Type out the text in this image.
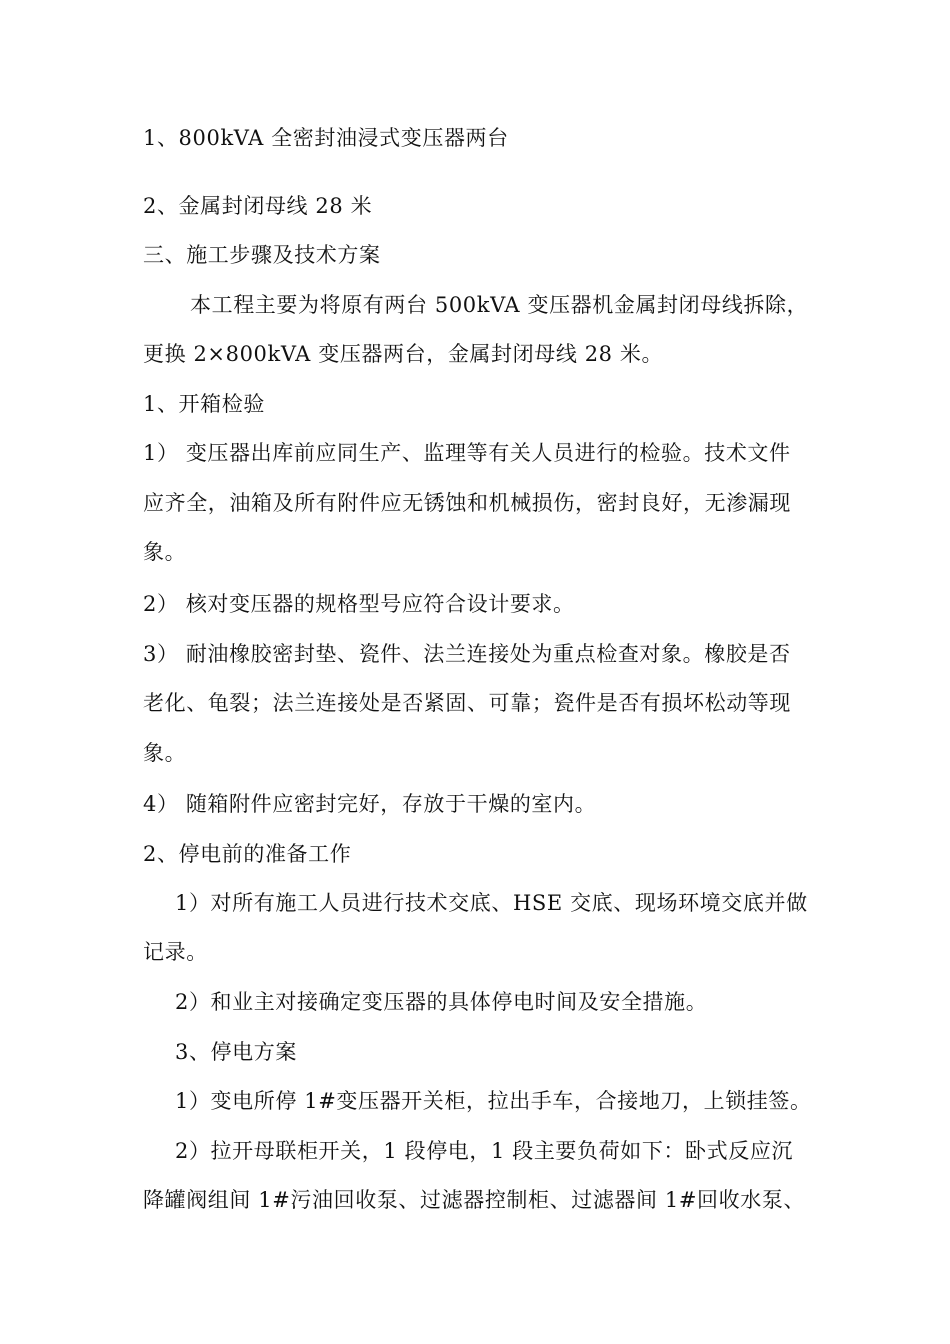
1、800kVA 全密封油浸式变压器两台
2、金属封闭母线 28 米
三、施工步骤及技术方案
本工程主要为将原有两台 500kVA 变压器机金属封闭母线拆除，
更换 2×800kVA 变压器两台，金属封闭母线 28 米。
1、开箱检验
1） 变压器出库前应同生产、监理等有关人员进行的检验。技术文件
应齐全，油箱及所有附件应无锈蚀和机械损伤，密封良好，无渗漏现
象。
2） 核对变压器的规格型号应符合设计要求。
3） 耐油橡胶密封垫、瓷件、法兰连接处为重点检查对象。橡胶是否
老化、龟裂；法兰连接处是否紧固、可靠；瓷件是否有损坏松动等现
象。
4） 随箱附件应密封完好，存放于干燥的室内。
2、停电前的准备工作
1）对所有施工人员进行技术交底、HSE 交底、现场环境交底并做
记录。
2）和业主对接确定变压器的具体停电时间及安全措施。
3、停电方案
1）变电所停 1#变压器开关柜，拉出手车，合接地刀，上锁挂签。
2）拉开母联柜开关，1 段停电，1 段主要负荷如下：卧式反应沉
降罐阀组间 1#污油回收泵、过滤器控制柜、过滤器间 1#回收水泵、
